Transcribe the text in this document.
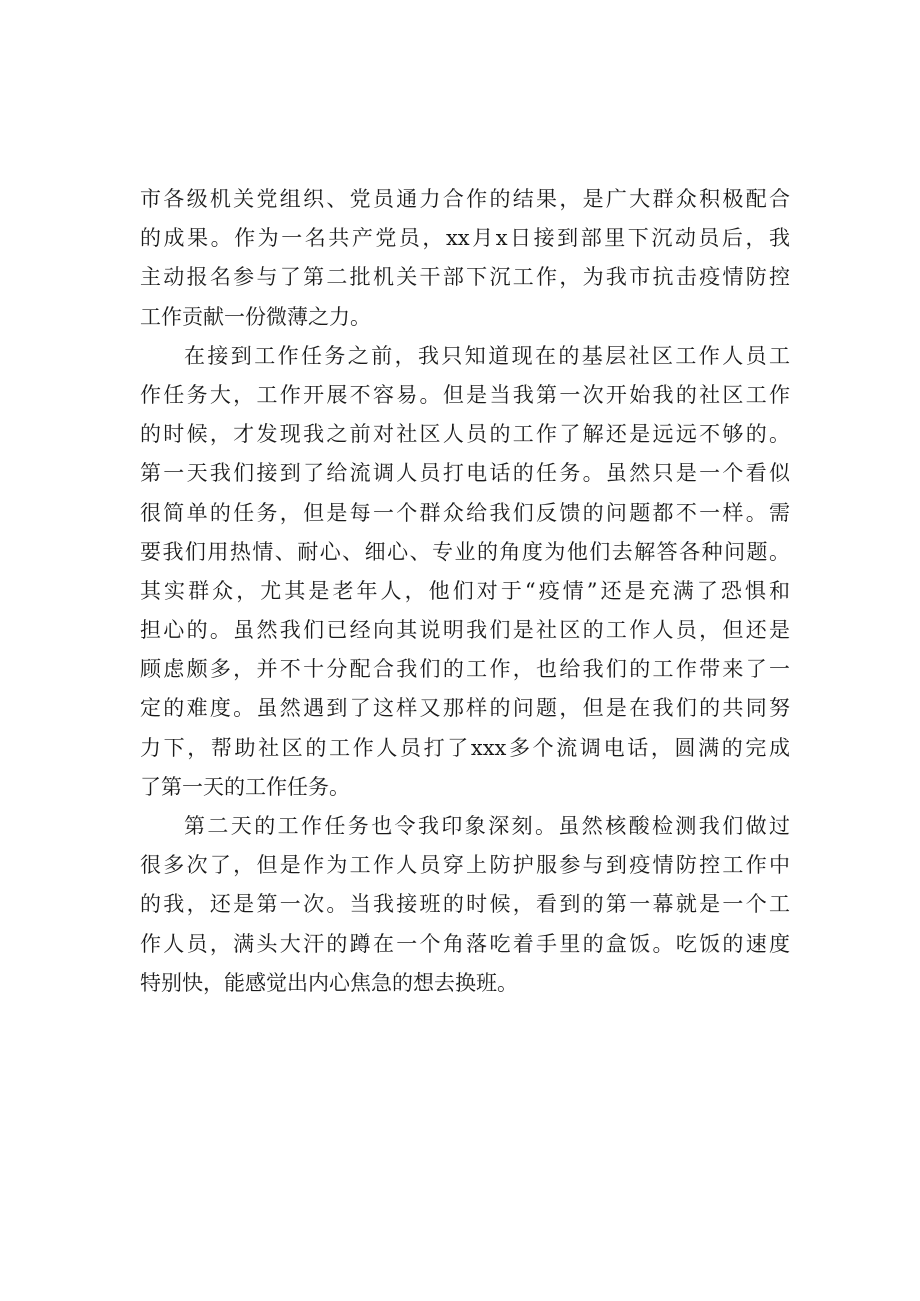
市各级机关党组织、党员通力合作的结果，是广大群众积极配合
的成果。作为一名共产党员，xx月x日接到部里下沉动员后，我
主动报名参与了第二批机关干部下沉工作，为我市抗击疫情防控
工作贡献一份微薄之力。
在接到工作任务之前，我只知道现在的基层社区工作人员工
作任务大，工作开展不容易。但是当我第一次开始我的社区工作
的时候，才发现我之前对社区人员的工作了解还是远远不够的。
第一天我们接到了给流调人员打电话的任务。虽然只是一个看似
很简单的任务，但是每一个群众给我们反馈的问题都不一样。需
要我们用热情、耐心、细心、专业的角度为他们去解答各种问题。
其实群众，尤其是老年人，他们对于“疫情”还是充满了恐惧和
担心的。虽然我们已经向其说明我们是社区的工作人员，但还是
顾虑颇多，并不十分配合我们的工作，也给我们的工作带来了一
定的难度。虽然遇到了这样又那样的问题，但是在我们的共同努
力下，帮助社区的工作人员打了xxx多个流调电话，圆满的完成
了第一天的工作任务。
第二天的工作任务也令我印象深刻。虽然核酸检测我们做过
很多次了，但是作为工作人员穿上防护服参与到疫情防控工作中
的我，还是第一次。当我接班的时候，看到的第一幕就是一个工
作人员，满头大汗的蹲在一个角落吃着手里的盒饭。吃饭的速度
特别快，能感觉出内心焦急的想去换班。
